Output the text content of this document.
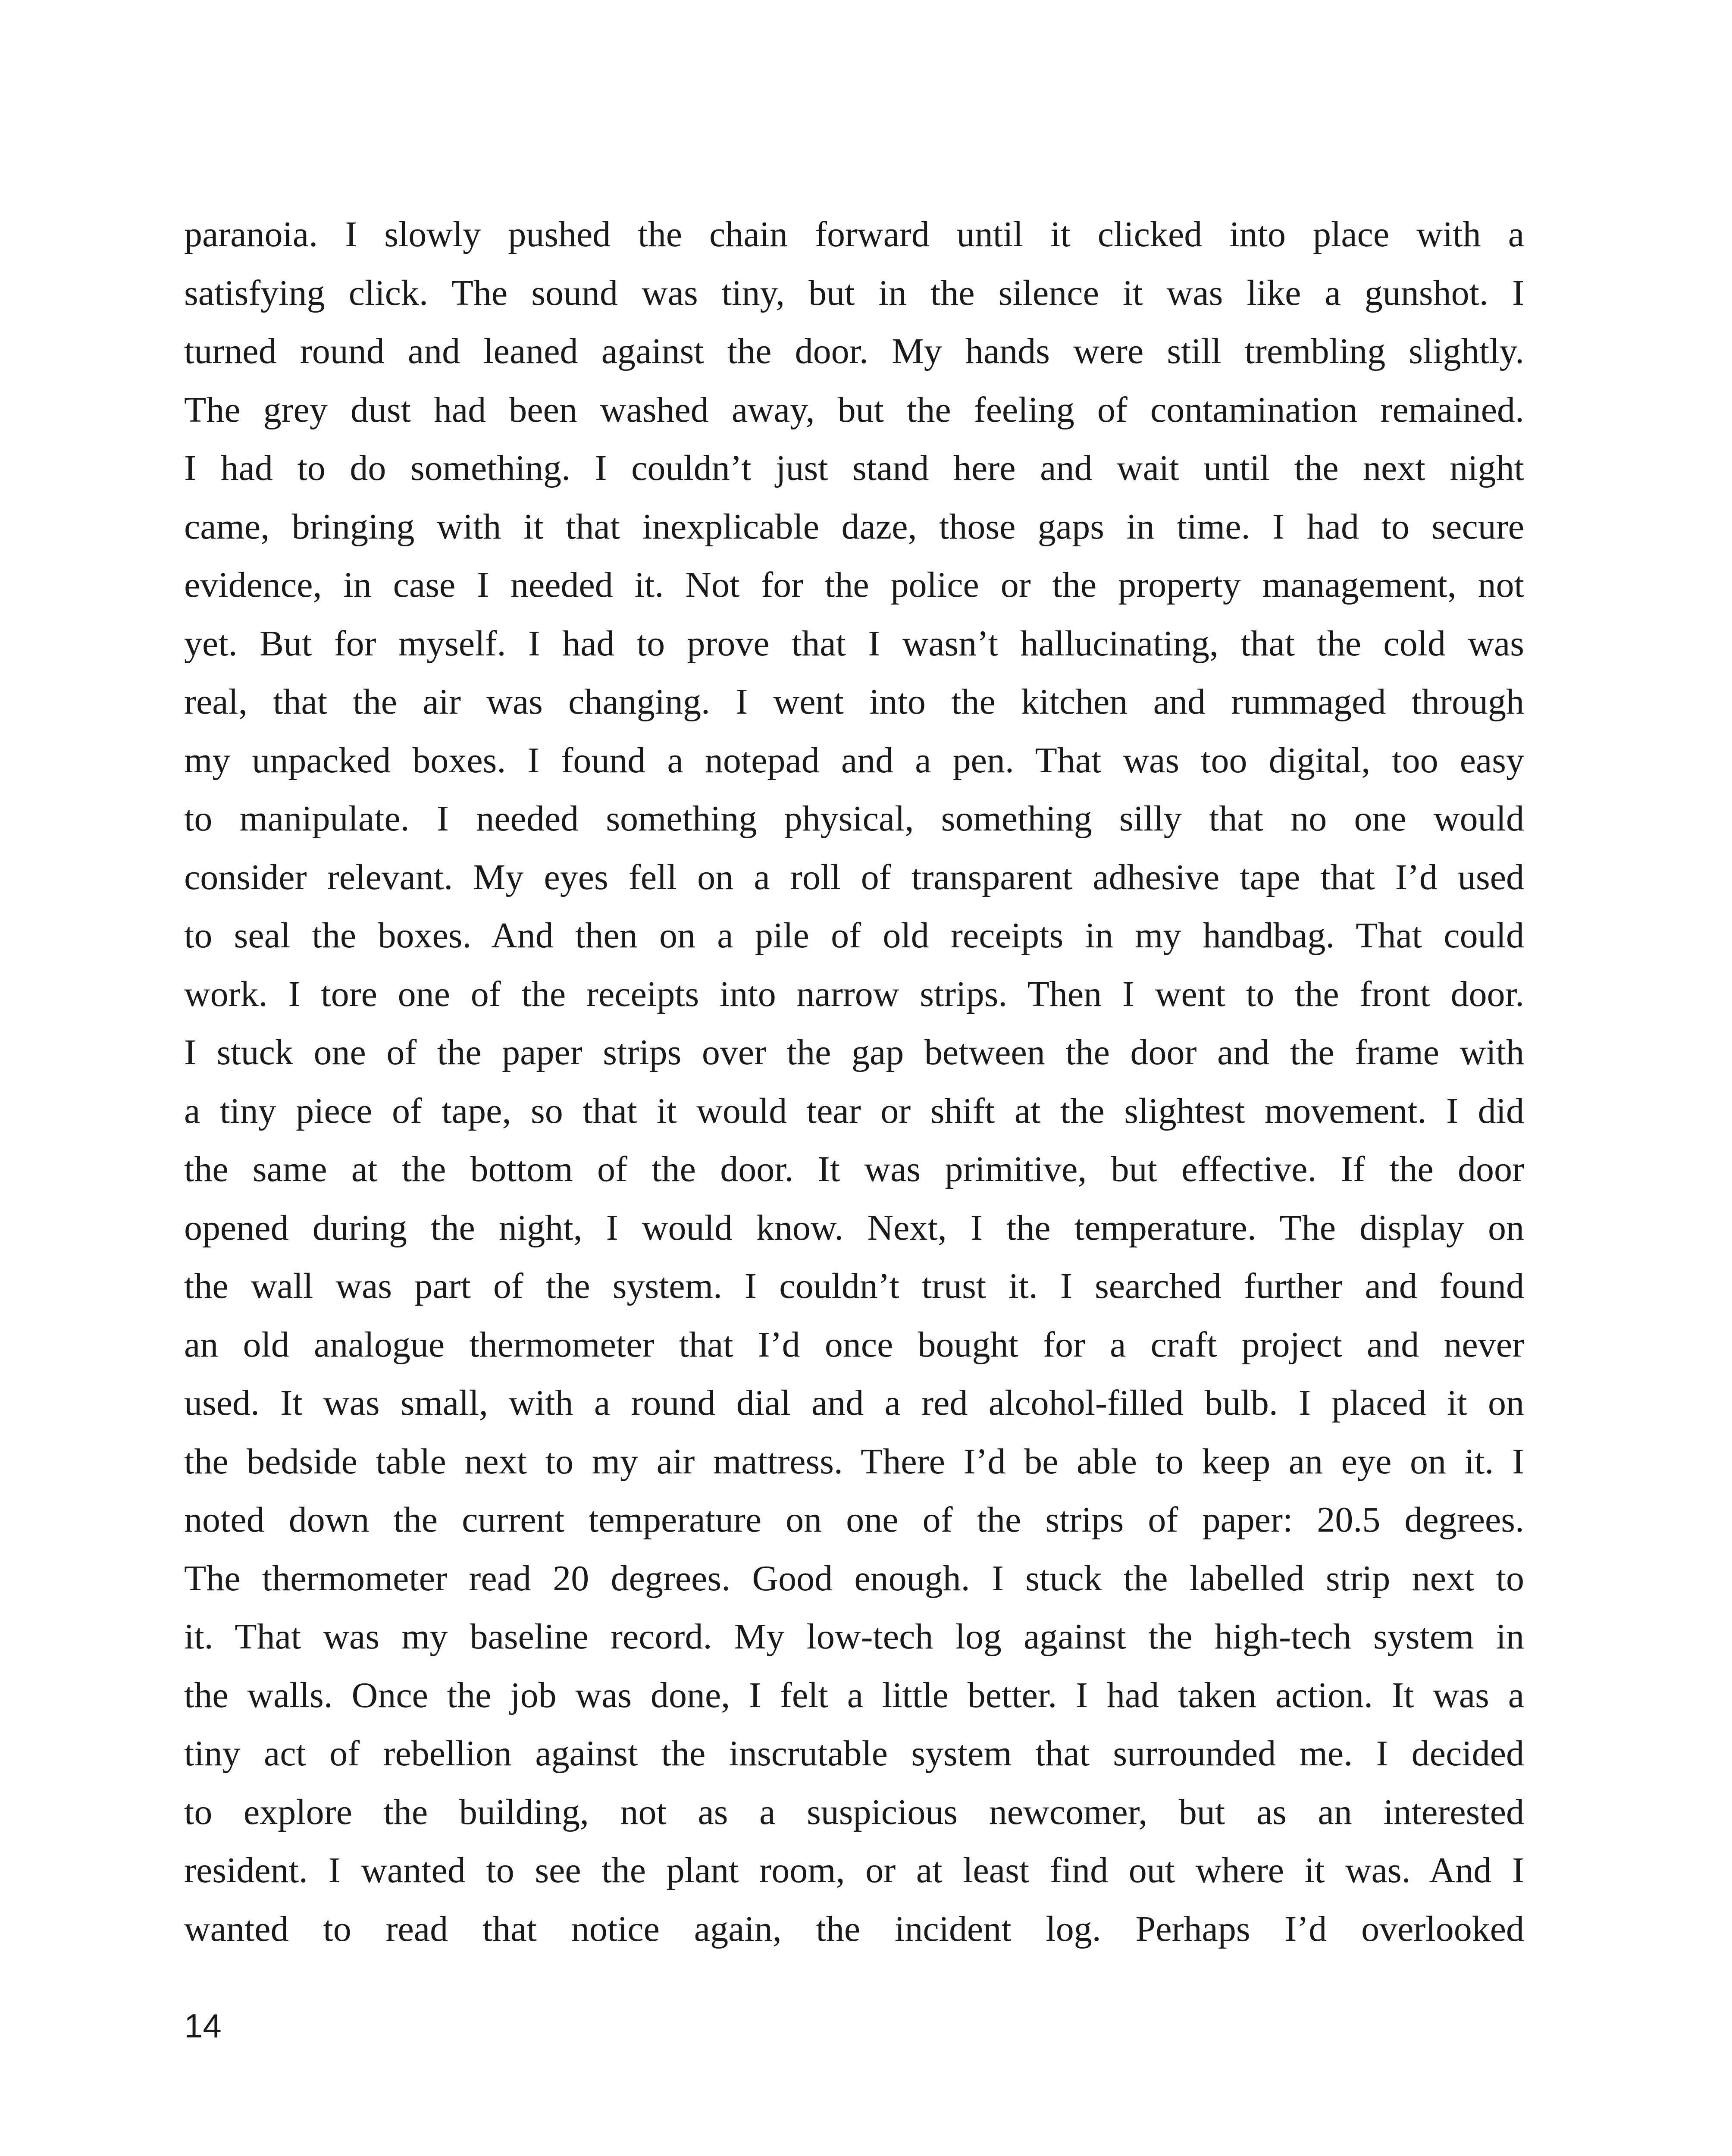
paranoia. I slowly pushed the chain forward until it clicked into place with a
satisfying click. The sound was tiny, but in the silence it was like a gunshot. I
turned round and leaned against the door. My hands were still trembling slightly.
The grey dust had been washed away, but the feeling of contamination remained.
I had to do something. I couldn’t just stand here and wait until the next night
came, bringing with it that inexplicable daze, those gaps in time. I had to secure
evidence, in case I needed it. Not for the police or the property management, not
yet. But for myself. I had to prove that I wasn’t hallucinating, that the cold was
real, that the air was changing. I went into the kitchen and rummaged through
my unpacked boxes. I found a notepad and a pen. That was too digital, too easy
to manipulate. I needed something physical, something silly that no one would
consider relevant. My eyes fell on a roll of transparent adhesive tape that I’d used
to seal the boxes. And then on a pile of old receipts in my handbag. That could
work. I tore one of the receipts into narrow strips. Then I went to the front door.
I stuck one of the paper strips over the gap between the door and the frame with
a tiny piece of tape, so that it would tear or shift at the slightest movement. I did
the same at the bottom of the door. It was primitive, but effective. If the door
opened during the night, I would know. Next, I the temperature. The display on
the wall was part of the system. I couldn’t trust it. I searched further and found
an old analogue thermometer that I’d once bought for a craft project and never
used. It was small, with a round dial and a red alcohol-filled bulb. I placed it on
the bedside table next to my air mattress. There I’d be able to keep an eye on it. I
noted down the current temperature on one of the strips of paper: 20.5 degrees.
The thermometer read 20 degrees. Good enough. I stuck the labelled strip next to
it. That was my baseline record. My low-tech log against the high-tech system in
the walls. Once the job was done, I felt a little better. I had taken action. It was a
tiny act of rebellion against the inscrutable system that surrounded me. I decided
to explore the building, not as a suspicious newcomer, but as an interested
resident. I wanted to see the plant room, or at least find out where it was. And I
wanted to read that notice again, the incident log. Perhaps I’d overlooked
14
